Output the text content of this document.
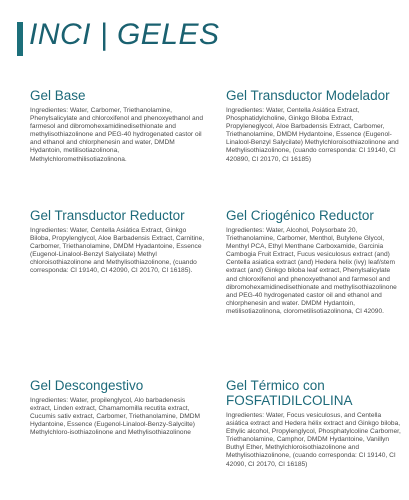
INCI | GELES
Gel Base

Ingredientes: Water, Carbomer, Triethanolamine, Phenylsalicylate and chloroxifenol and phenoxyethanol and farmesol and dibromohexamidinedisethionate and methylisothiazolinone and PEG-40 hydrogenated castor oil and ethanol and chlorphenesin and water, DMDM Hydantoin, metilisotiazolinona, Methylchloromethilisotiazolinona.

Gel Transductor Modelador

Ingredientes: Water, Centella Asiática Extract, Phosphatidylcholine, Ginkgo Biloba Extract, Propyleneglycol, Aloe Barbadensis Extract, Carbomer, Triethanolamine, DMDM Hydantoine, Essence (Eugenol-Linalool-Benzyl Salycilate) Methylchloroisothiazolinone and Methylisothiazolinone, (cuando corresponda: CI 19140, CI 420890, CI 20170, CI 16185)

Gel Transductor Reductor

Ingredientes: Water, Centella Asiática Extract, Ginkgo Biloba, Propylenglycol, Aloe Barbadensis Extract, Carnitine, Carbomer, Triethanolamine, DMDM Hyadantoine, Essence (Eugenol-Linalool-Benzyl Salycilate) Methyl chloroisothiazolinone and Methylisothiazolinone, (cuando corresponda: CI 19140, CI 42090, CI 20170, CI 16185).

Gel Criogénico Reductor

Ingredientes: Water, Alcohol, Polysorbate 20, Triethanolamine, Carbomer, Menthol, Butylene Glycol, Menthyl PCA, Ethyl Menthane Carboxamide, Garcinia Cambogia Fruit Extract, Fucus vesiculosus extract (and) Centella asiatica extract (and) Hedera helix (ivy) leaf/stem extract (and) Ginkgo biloba leaf extract, Phenylsalicylate and chloroxifenol and phenoxyethanol and farmesol and dibromohexamidinedisethionate and methylisothiazolinone and PEG-40 hydrogenated castor oil and ethanol and chlorphenesin and water. DMDM Hydantoin, metilisotiazolinona, clorometilisotiazolinona, CI 42090.

Gel Descongestivo

Ingredientes: Water, propilenglycol, Alo barbadenesis extract, Linden extract, Chamamomilla recutita extract, Cucumis sativ extract, Carbomer, Triethanolamine, DMDM Hydantoine, Essence (Eugenol-Linalool-Benzy-Salycilte) Methylchloro-isothiazolinone and Methylisothiazolinone

Gel Térmico con FOSFATIDILCOLINA

Ingredientes: Water, Focus vesiculosus, and Centella asiática extract and Hedera hélix extract and Ginkgo biloba, Ethylic alcohol, Propylenglycol, Phosphatylcoline Carbomer, Triethanolamine, Camphor, DMDM Hydantoine, Vanillyn Buthyl Ether, Methylchloroisothiazolinone and Methylisothiazolinone, (cuando corresponda: CI 19140, CI 42090, CI 20170, CI 16185)
